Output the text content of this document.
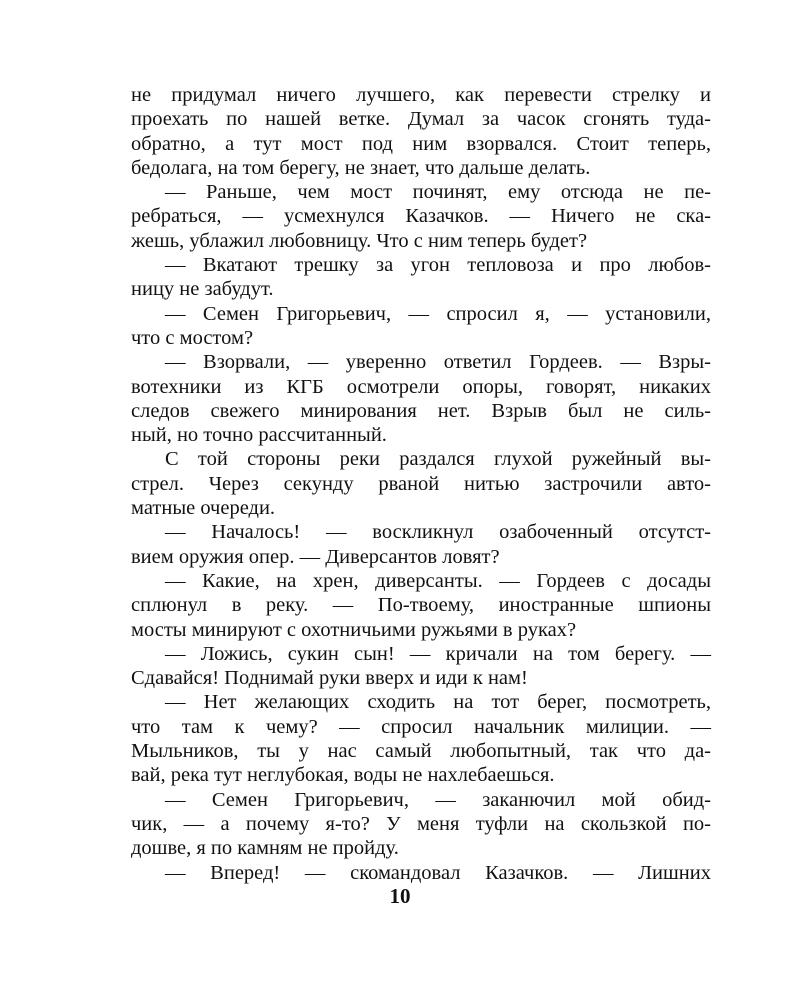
не придумал ничего лучшего, как перевести стрелку и
проехать по нашей ветке. Думал за часок сгонять туда-
обратно, а тут мост под ним взорвался. Стоит теперь,
бедолага, на том берегу, не знает, что дальше делать.
— Раньше, чем мост починят, ему отсюда не пе-
ребраться, — усмехнулся Казачков. — Ничего не ска-
жешь, ублажил любовницу. Что с ним теперь будет?
— Вкатают трешку за угон тепловоза и про любов-
ницу не забудут.
— Семен Григорьевич, — спросил я, — установили,
что с мостом?
— Взорвали, — уверенно ответил Гордеев. — Взры-
вотехники из КГБ осмотрели опоры, говорят, никаких
следов свежего минирования нет. Взрыв был не силь-
ный, но точно рассчитанный.
С той стороны реки раздался глухой ружейный вы-
стрел. Через секунду рваной нитью застрочили авто-
матные очереди.
— Началось! — воскликнул озабоченный отсутст-
вием оружия опер. — Диверсантов ловят?
— Какие, на хрен, диверсанты. — Гордеев с досады
сплюнул в реку. — По-твоему, иностранные шпионы
мосты минируют с охотничьими ружьями в руках?
— Ложись, сукин сын! — кричали на том берегу. —
Сдавайся! Поднимай руки вверх и иди к нам!
— Нет желающих сходить на тот берег, посмотреть,
что там к чему? — спросил начальник милиции. —
Мыльников, ты у нас самый любопытный, так что да-
вай, река тут неглубокая, воды не нахлебаешься.
— Семен Григорьевич, — заканючил мой обид-
чик, — а почему я-то? У меня туфли на скользкой по-
дошве, я по камням не пройду.
— Вперед! — скомандовал Казачков. — Лишних
10
